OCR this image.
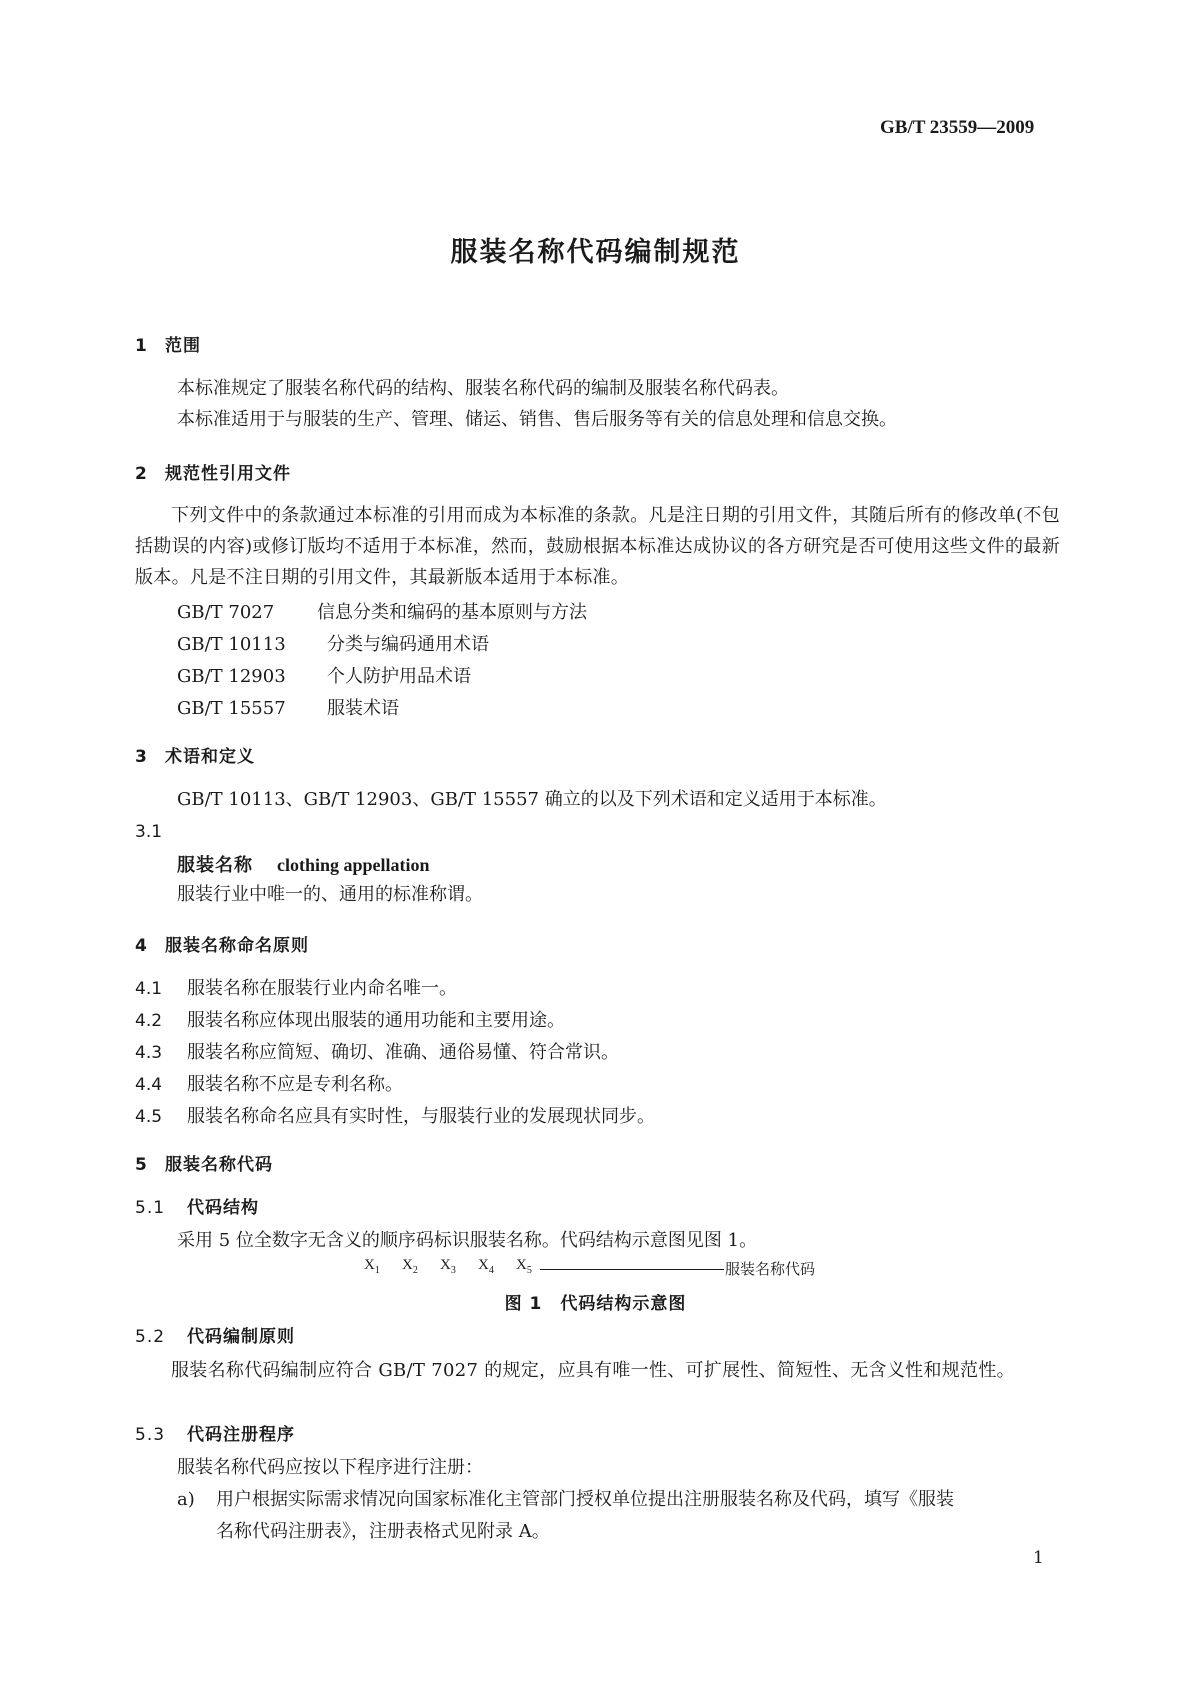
GB/T 23559—2009
服装名称代码编制规范
1 范围
本标准规定了服装名称代码的结构、服装名称代码的编制及服装名称代码表。
本标准适用于与服装的生产、管理、储运、销售、售后服务等有关的信息处理和信息交换。
2 规范性引用文件
下列文件中的条款通过本标准的引用而成为本标准的条款。凡是注日期的引用文件，其随后所有的修改单(不包括勘误的内容)或修订版均不适用于本标准，然而，鼓励根据本标准达成协议的各方研究是否可使用这些文件的最新版本。凡是不注日期的引用文件，其最新版本适用于本标准。
GB/T 7027 信息分类和编码的基本原则与方法
GB/T 10113 分类与编码通用术语
GB/T 12903 个人防护用品术语
GB/T 15557 服装术语
3 术语和定义
GB/T 10113、GB/T 12903、GB/T 15557 确立的以及下列术语和定义适用于本标准。
3.1
服装名称 clothing appellation
服装行业中唯一的、通用的标准称谓。
4 服装名称命名原则
4.1 服装名称在服装行业内命名唯一。
4.2 服装名称应体现出服装的通用功能和主要用途。
4.3 服装名称应简短、确切、准确、通俗易懂、符合常识。
4.4 服装名称不应是专利名称。
4.5 服装名称命名应具有实时性，与服装行业的发展现状同步。
5 服装名称代码
5.1 代码结构
采用 5 位全数字无含义的顺序码标识服装名称。代码结构示意图见图 1。
$X_1$ $X_2$ $X_3$ $X_4$ $X_5$	服装名称代码
图 1　代码结构示意图
5.2 代码编制原则
服装名称代码编制应符合 GB/T 7027 的规定，应具有唯一性、可扩展性、简短性、无含义性和规范性。
5.3 代码注册程序
服装名称代码应按以下程序进行注册：
a) 用户根据实际需求情况向国家标准化主管部门授权单位提出注册服装名称及代码，填写《服装
名称代码注册表》，注册表格式见附录 A。
1
